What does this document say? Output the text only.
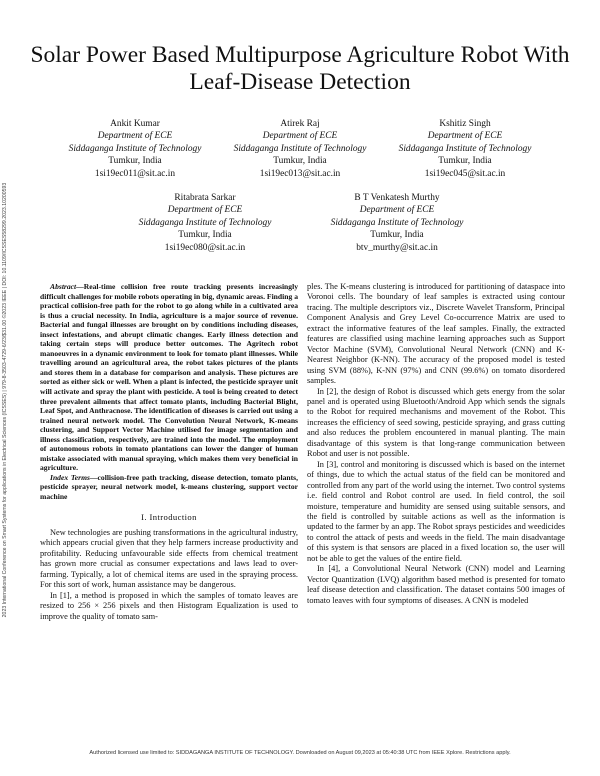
2023 International Conference on Smart Systems for applications in Electrical Sciences (ICSSES) | 979-8-3503-4729-6/23/$31.00 ©2023 IEEE | DOI: 10.1109/ICSSES58299.2023.10200593
Solar Power Based Multipurpose Agriculture Robot With Leaf-Disease Detection
Ankit Kumar
Department of ECE
Siddaganga Institute of Technology
Tumkur, India
1si19ec011@sit.ac.in
Atirek Raj
Department of ECE
Siddaganga Institute of Technology
Tumkur, India
1si19ec013@sit.ac.in
Kshitiz Singh
Department of ECE
Siddaganga Institute of Technology
Tumkur, India
1si19ec045@sit.ac.in
Ritabrata Sarkar
Department of ECE
Siddaganga Institute of Technology
Tumkur, India
1si19ec080@sit.ac.in
B T Venkatesh Murthy
Department of ECE
Siddaganga Institute of Technology
Tumkur, India
btv_murthy@sit.ac.in

Abstract—Real-time collision free route tracking presents increasingly difficult challenges for mobile robots operating in big, dynamic areas. Finding a practical collision-free path for the robot to go along while in a cultivated area is thus a crucial necessity. In India, agriculture is a major source of revenue. Bacterial and fungal illnesses are brought on by conditions including diseases, insect infestations, and abrupt climatic changes. Early illness detection and taking certain steps will produce better outcomes. The Agritech robot manoeuvres in a dynamic environment to look for tomato plant illnesses. While travelling around an agricultural area, the robot takes pictures of the plants and stores them in a database for comparison and analysis. These pictures are sorted as either sick or well. When a plant is infected, the pesticide sprayer unit will activate and spray the plant with pesticide. A tool is being created to detect three prevalent ailments that affect tomato plants, including Bacterial Blight, Leaf Spot, and Anthracnose. The identification of diseases is carried out using a trained neural network model. The Convolution Neural Network, K-means clustering, and Support Vector Machine utilised for image segmentation and illness classification, respectively, are trained into the model. The employment of autonomous robots in tomato plantations can lower the danger of human mistake associated with manual spraying, which makes them very beneficial in agriculture.

Index Terms—collision-free path tracking, disease detection, tomato plants, pesticide sprayer, neural network model, k-means clustering, support vector machine

I. Introduction

New technologies are pushing transformations in the agricultural industry, which appears crucial given that they help farmers increase productivity and profitability. Reducing unfavourable side effects from chemical treatment has grown more crucial as consumer expectations and laws lead to over-farming. Typically, a lot of chemical items are used in the spraying process. For this sort of work, human assistance may be dangerous.

In [1], a method is proposed in which the samples of tomato leaves are resized to 256 × 256 pixels and then Histogram Equalization is used to improve the quality of tomato sam-

ples. The K-means clustering is introduced for partitioning of dataspace into Voronoi cells. The boundary of leaf samples is extracted using contour tracing. The multiple descriptors viz., Discrete Wavelet Transform, Principal Component Analysis and Grey Level Co-occurrence Matrix are used to extract the informative features of the leaf samples. Finally, the extracted features are classified using machine learning approaches such as Support Vector Machine (SVM), Convolutional Neural Network (CNN) and K-Nearest Neighbor (K-NN). The accuracy of the proposed model is tested using SVM (88%), K-NN (97%) and CNN (99.6%) on tomato disordered samples.

In [2], the design of Robot is discussed which gets energy from the solar panel and is operated using Bluetooth/Android App which sends the signals to the Robot for required mechanisms and movement of the Robot. This increases the efficiency of seed sowing, pesticide spraying, and grass cutting and also reduces the problem encountered in manual planting. The main disadvantage of this system is that long-range communication between Robot and user is not possible.

In [3], control and monitoring is discussed which is based on the internet of things, due to which the actual status of the field can be monitored and controlled from any part of the world using the internet. Two control systems i.e. field control and Robot control are used. In field control, the soil moisture, temperature and humidity are sensed using suitable sensors, and the field is controlled by suitable actions as well as the information is updated to the farmer by an app. The Robot sprays pesticides and weedicides to control the attack of pests and weeds in the field. The main disadvantage of this system is that sensors are placed in a fixed location so, the user will not be able to get the values of the entire field.

In [4], a Convolutional Neural Network (CNN) model and Learning Vector Quantization (LVQ) algorithm based method is presented for tomato leaf disease detection and classification. The dataset contains 500 images of tomato leaves with four symptoms of diseases. A CNN is modeled

Authorized licensed use limited to: SIDDAGANGA INSTITUTE OF TECHNOLOGY. Downloaded on August 09,2023 at 05:40:38 UTC from IEEE Xplore. Restrictions apply.
